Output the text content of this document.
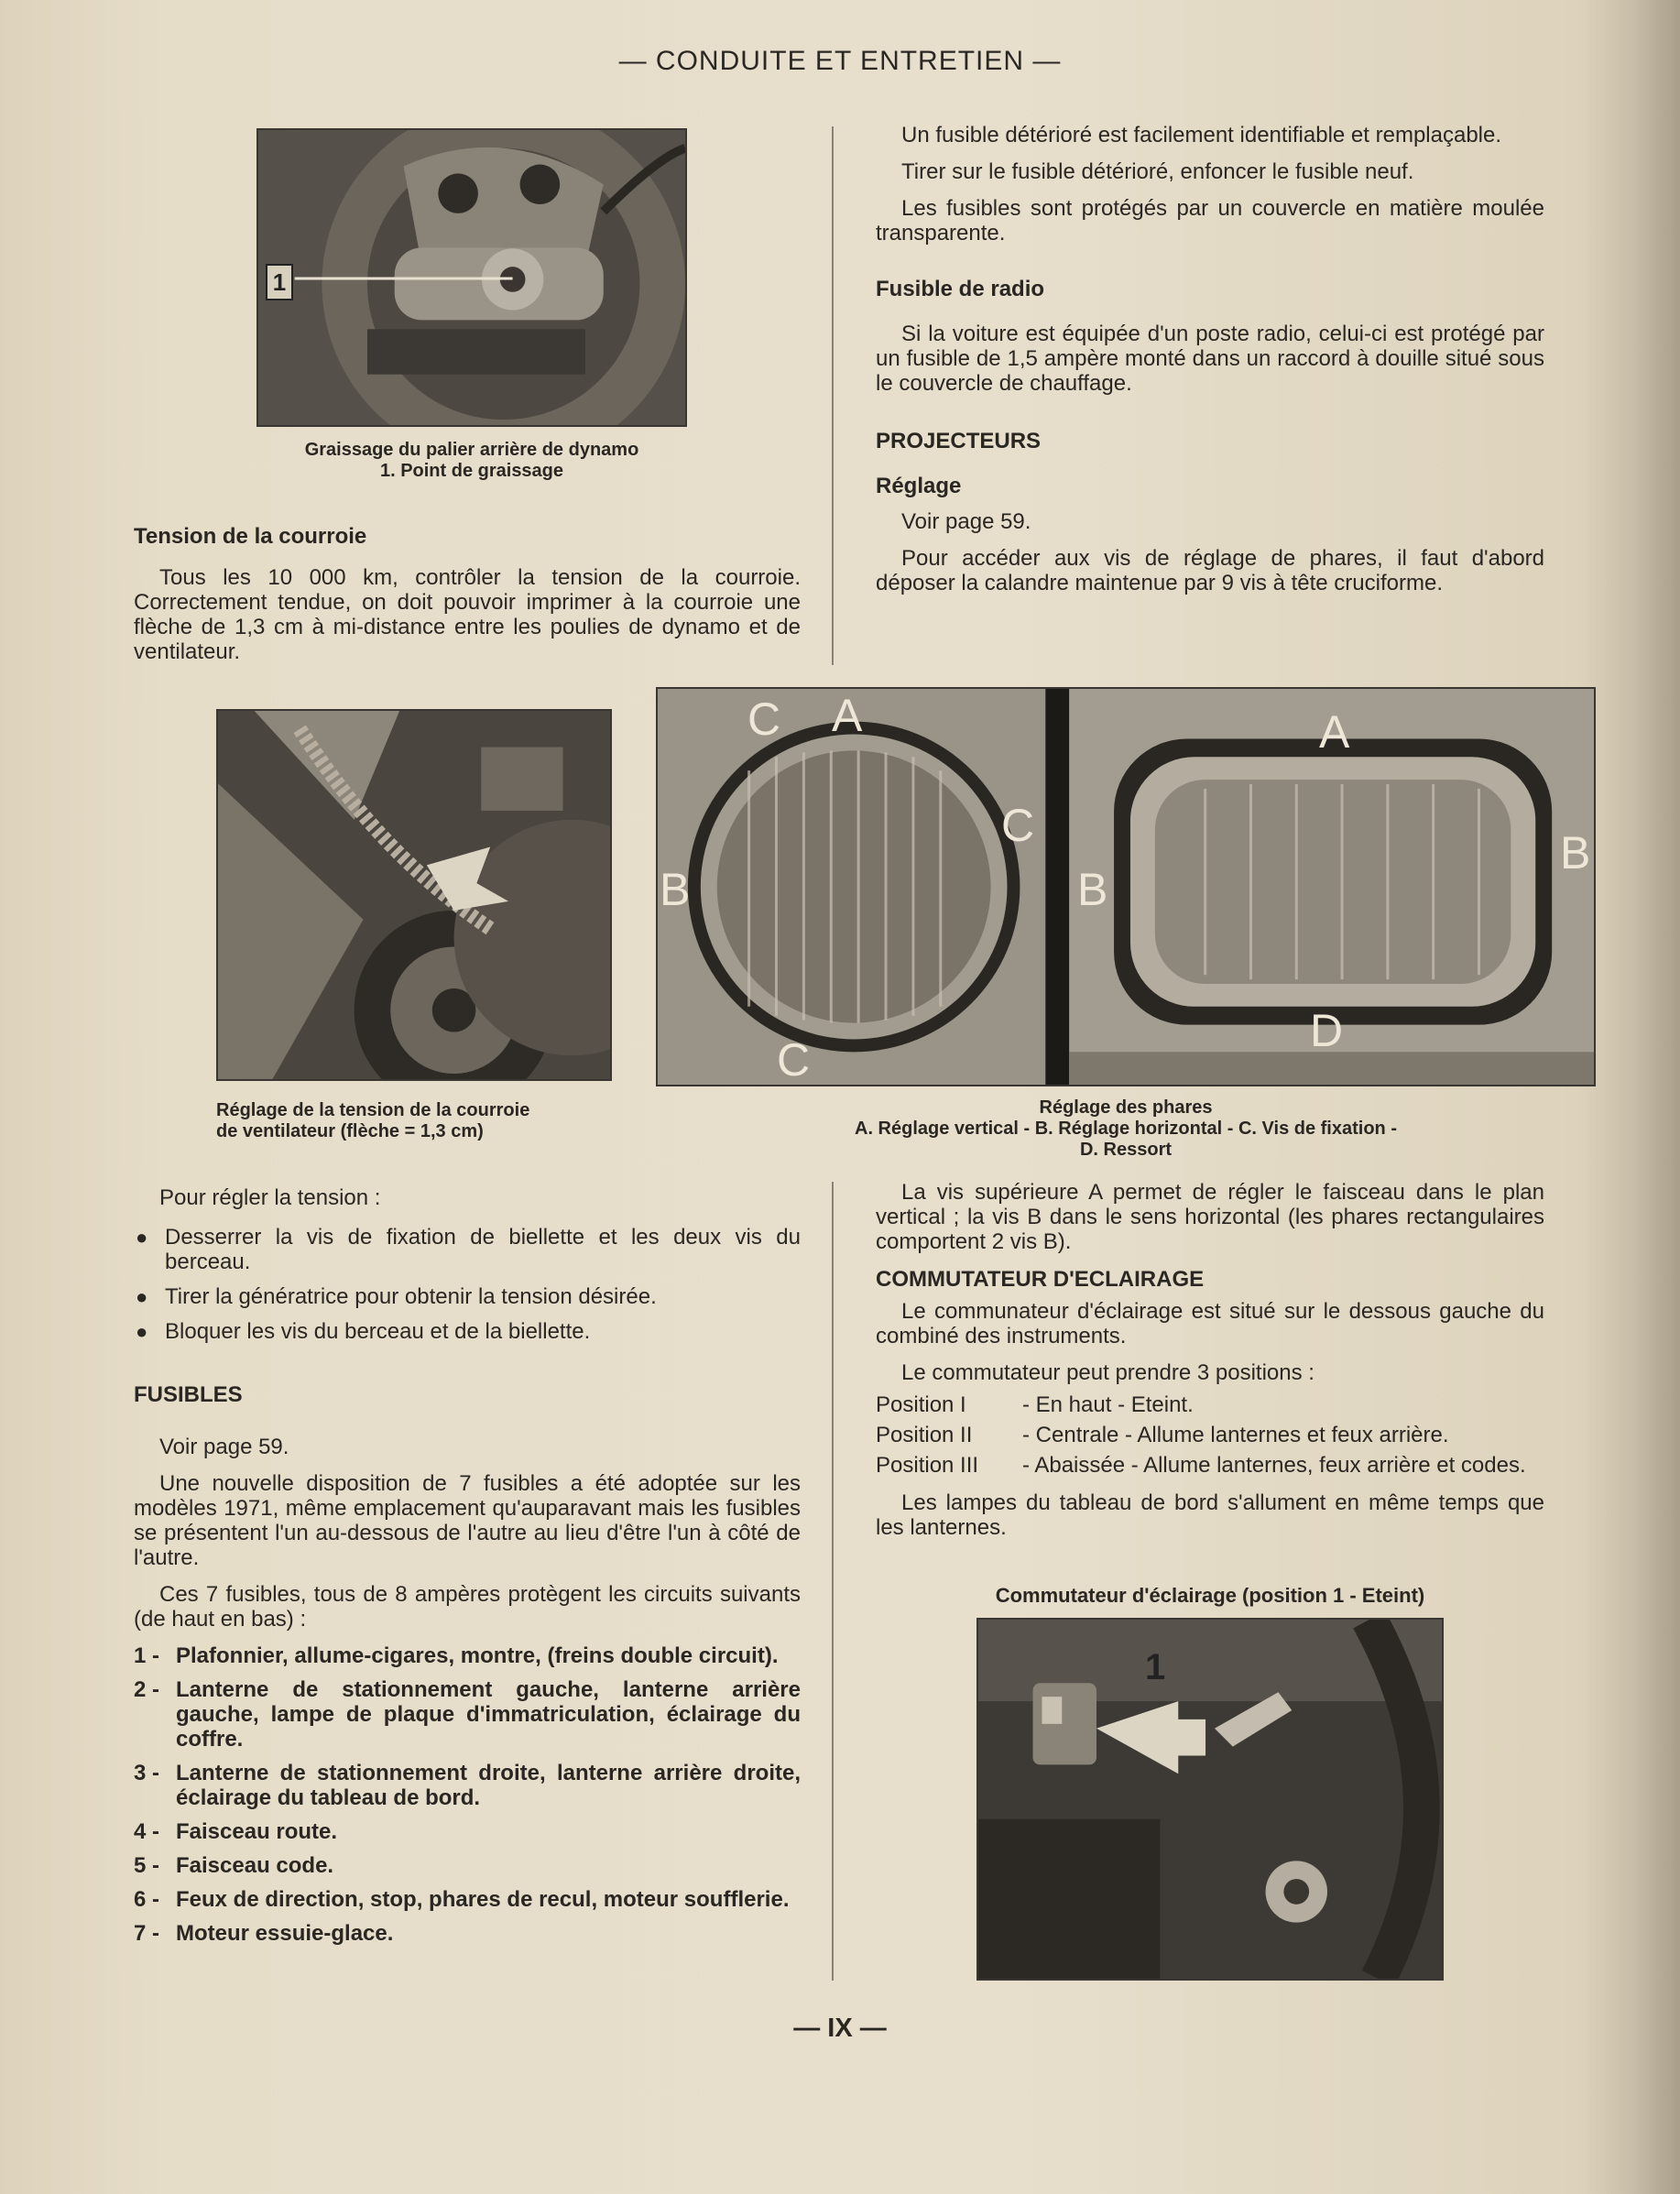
— CONDUITE ET ENTRETIEN —
1
Graissage du palier arrière de dynamo
1. Point de graissage
Tension de la courroie

Tous les 10 000 km, contrôler la tension de la courroie. Correctement tendue, on doit pouvoir imprimer à la courroie une flèche de 1,3 cm à mi-distance entre les poulies de dynamo et de ventilateur.

Un fusible détérioré est facilement identifiable et remplaçable.

Tirer sur le fusible détérioré, enfoncer le fusible neuf.

Les fusibles sont protégés par un couvercle en matière moulée transparente.

Fusible de radio

Si la voiture est équipée d'un poste radio, celui-ci est protégé par un fusible de 1,5 ampère monté dans un raccord à douille situé sous le couvercle de chauffage.

PROJECTEURS
Réglage

Voir page 59.

Pour accéder aux vis de réglage de phares, il faut d'abord déposer la calandre maintenue par 9 vis à tête cruciforme.

Réglage de la tension de la courroie
de ventilateur (flèche = 1,3 cm)
C A
C
B
C
A
B
B
D
Réglage des phares
A. Réglage vertical - B. Réglage horizontal - C. Vis de fixation -
D. Ressort

Pour régler la tension :

● Desserrer la vis de fixation de biellette et les deux vis du berceau.
● Tirer la génératrice pour obtenir la tension désirée.
● Bloquer les vis du berceau et de la biellette.
FUSIBLES

Voir page 59.

Une nouvelle disposition de 7 fusibles a été adoptée sur les modèles 1971, même emplacement qu'auparavant mais les fusibles se présentent l'un au-dessous de l'autre au lieu d'être l'un à côté de l'autre.

Ces 7 fusibles, tous de 8 ampères protègent les circuits suivants (de haut en bas) :

1 - Plafonnier, allume-cigares, montre, (freins double circuit).
2 - Lanterne de stationnement gauche, lanterne arrière gauche, lampe de plaque d'immatriculation, éclairage du coffre.
3 - Lanterne de stationnement droite, lanterne arrière droite, éclairage du tableau de bord.
4 - Faisceau route.
5 - Faisceau code.
6 - Feux de direction, stop, phares de recul, moteur soufflerie.
7 - Moteur essuie-glace.

La vis supérieure A permet de régler le faisceau dans le plan vertical ; la vis B dans le sens horizontal (les phares rectangulaires comportent 2 vis B).

COMMUTATEUR D'ECLAIRAGE

Le communateur d'éclairage est situé sur le dessous gauche du combiné des instruments.

Le commutateur peut prendre 3 positions :

Position I	- En haut - Eteint.
Position II	- Centrale - Allume lanternes et feux arrière.
Position III	- Abaissée - Allume lanternes, feux arrière et codes.

Les lampes du tableau de bord s'allument en même temps que les lanternes.

Commutateur d'éclairage (position 1 - Eteint)
1
— IX —
